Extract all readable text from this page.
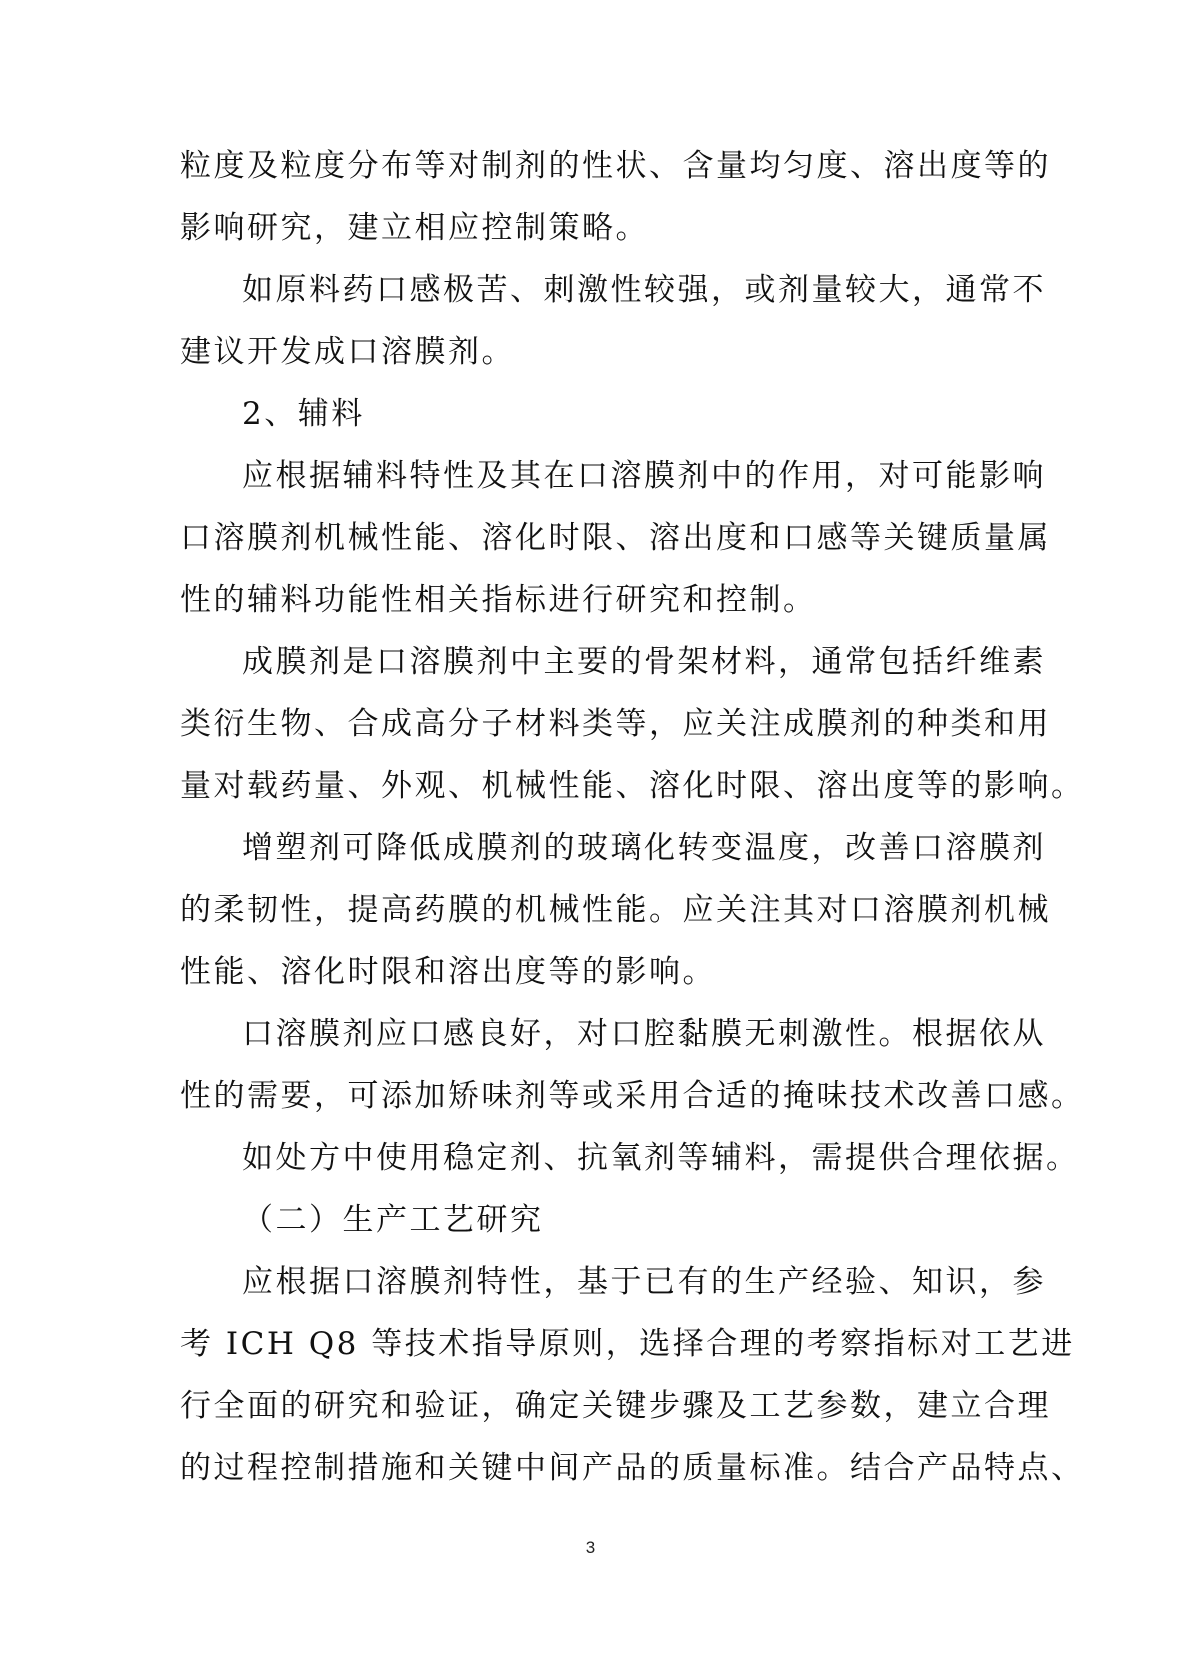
粒度及粒度分布等对制剂的性状、含量均匀度、溶出度等的
影响研究，建立相应控制策略。
如原料药口感极苦、刺激性较强，或剂量较大，通常不
建议开发成口溶膜剂。
2、辅料
应根据辅料特性及其在口溶膜剂中的作用，对可能影响
口溶膜剂机械性能、溶化时限、溶出度和口感等关键质量属
性的辅料功能性相关指标进行研究和控制。
成膜剂是口溶膜剂中主要的骨架材料，通常包括纤维素
类衍生物、合成高分子材料类等，应关注成膜剂的种类和用
量对载药量、外观、机械性能、溶化时限、溶出度等的影响。
增塑剂可降低成膜剂的玻璃化转变温度，改善口溶膜剂
的柔韧性，提高药膜的机械性能。应关注其对口溶膜剂机械
性能、溶化时限和溶出度等的影响。
口溶膜剂应口感良好，对口腔黏膜无刺激性。根据依从
性的需要，可添加矫味剂等或采用合适的掩味技术改善口感。
如处方中使用稳定剂、抗氧剂等辅料，需提供合理依据。
（二）生产工艺研究
应根据口溶膜剂特性，基于已有的生产经验、知识，参
考 ICH Q8 等技术指导原则，选择合理的考察指标对工艺进
行全面的研究和验证，确定关键步骤及工艺参数，建立合理
的过程控制措施和关键中间产品的质量标准。结合产品特点、
3
